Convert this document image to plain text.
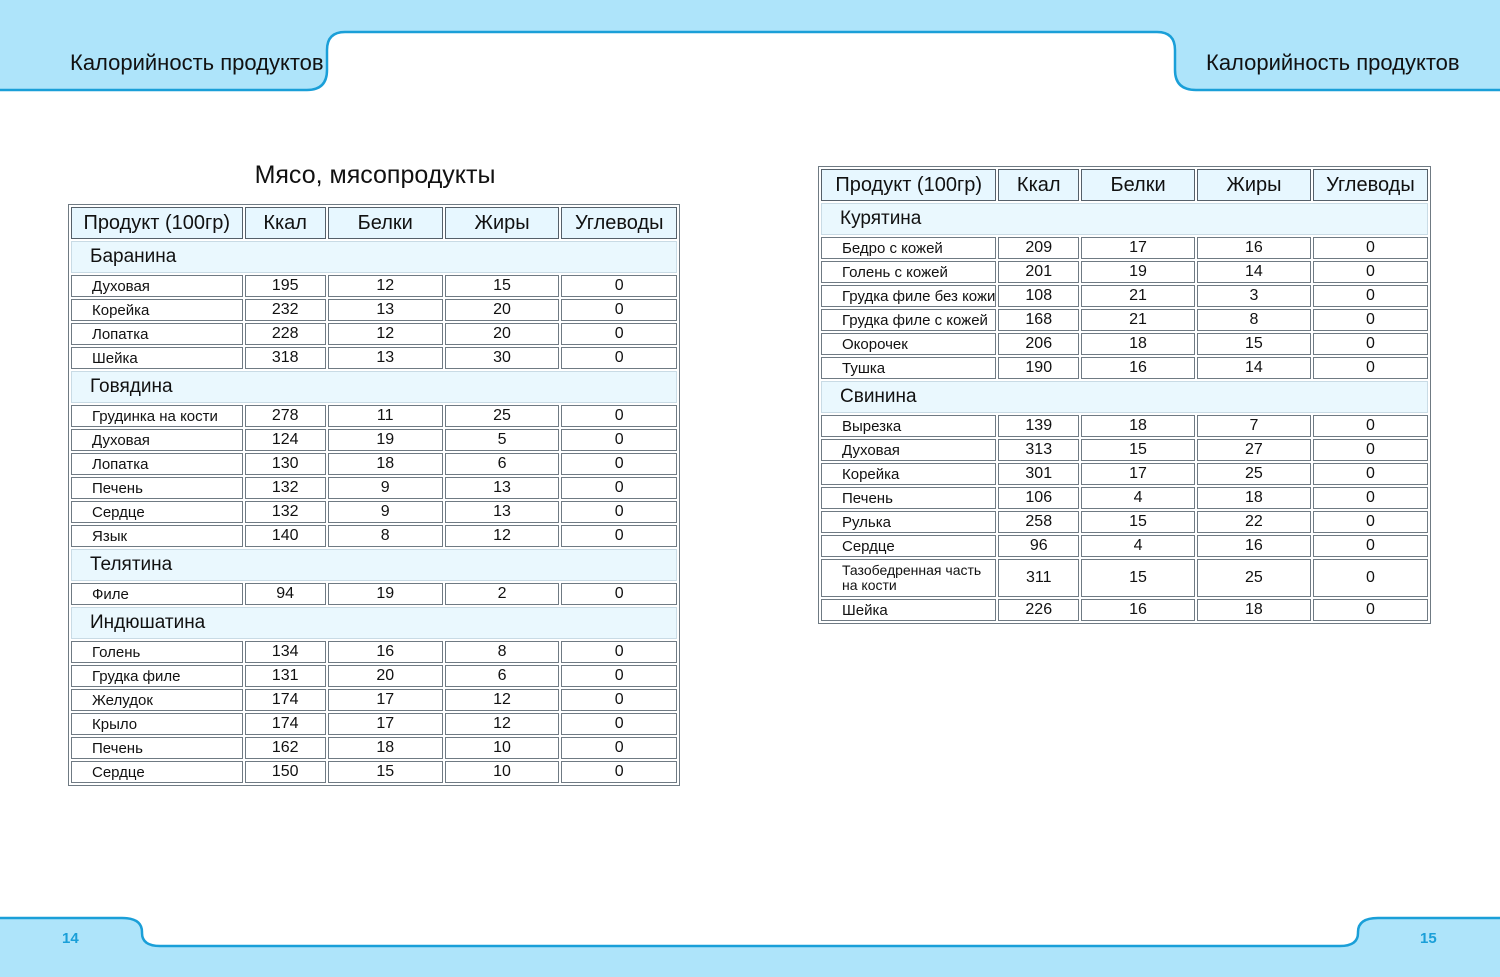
Калорийность продуктов	Калорийность продуктов
14	15
Мясо, мясопродукты
Продукт (100гр)	Ккал	Белки	Жиры	Углеводы
Баранина				
Духовая	195	12	15	0
Корейка	232	13	20	0
Лопатка	228	12	20	0
Шейка	318	13	30	0
Говядина				
Грудинка на кости	278	11	25	0
Духовая	124	19	5	0
Лопатка	130	18	6	0
Печень	132	9	13	0
Сердце	132	9	13	0
Язык	140	8	12	0
Телятина				
Филе	94	19	2	0
Индюшатина				
Голень	134	16	8	0
Грудка филе	131	20	6	0
Желудок	174	17	12	0
Крыло	174	17	12	0
Печень	162	18	10	0
Сердце	150	15	10	0
Продукт (100гр)	Ккал	Белки	Жиры	Углеводы
Курятина				
Бедро с кожей	209	17	16	0
Голень с кожей	201	19	14	0
Грудка филе без кожи	108	21	3	0
Грудка филе с кожей	168	21	8	0
Окорочек	206	18	15	0
Тушка	190	16	14	0
Свинина				
Вырезка	139	18	7	0
Духовая	313	15	27	0
Корейка	301	17	25	0
Печень	106	4	18	0
Рулька	258	15	22	0
Сердце	96	4	16	0
Тазобедренная часть на кости	311	15	25	0
Шейка	226	16	18	0
